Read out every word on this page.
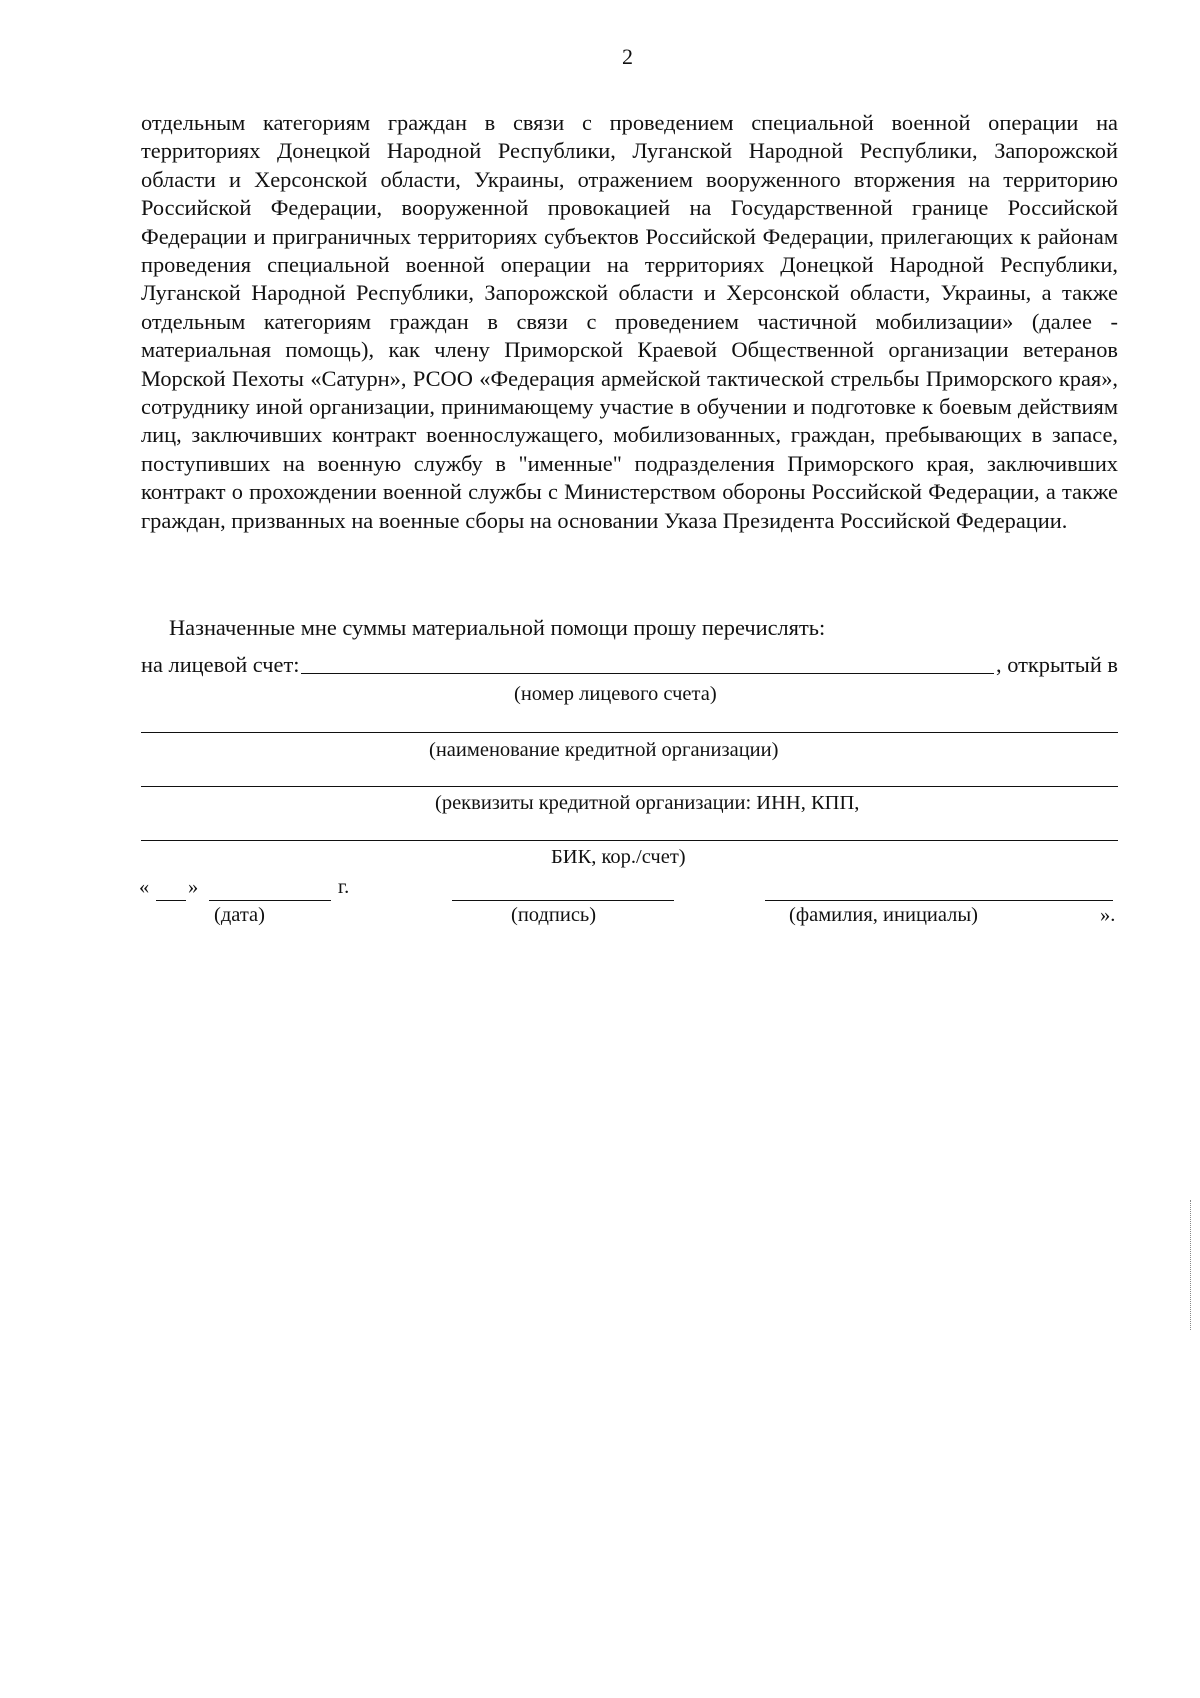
2

отдельным категориям граждан в связи с проведением специальной военной операции на территориях Донецкой Народной Республики, Луганской Народной Республики, Запорожской области и Херсонской области, Украины, отражением вооруженного вторжения на территорию Российской Федерации, вооруженной провокацией на Государственной границе Российской Федерации и приграничных территориях субъектов Российской Федерации, прилегающих к районам проведения специальной военной операции на территориях Донецкой Народной Республики, Луганской Народной Республики, Запорожской области и Херсонской области, Украины, а также отдельным категориям граждан в связи с проведением частичной мобилизации» (далее - материальная помощь), как члену Приморской Краевой Общественной организации ветеранов Морской Пехоты «Сатурн», РСОО «Федерация армейской тактической стрельбы Приморского края», сотруднику иной организации, принимающему участие в обучении и подготовке к боевым действиям лиц, заключивших контракт военнослужащего, мобилизованных, граждан, пребывающих в запасе, поступивших на военную службу в "именные" подразделения Приморского края, заключивших контракт о прохождении военной службы с Министерством обороны Российской Федерации, а также граждан, призванных на военные сборы на основании Указа Президента Российской Федерации.

Назначенные мне суммы материальной помощи прошу перечислять:
на лицевой счет:	, открытый в
(номер лицевого счета)
(наименование кредитной организации)
(реквизиты кредитной организации: ИНН, КПП,
БИК, кор./счет)
« »	г.
(дата)	(подпись)	(фамилия, инициалы)	».
